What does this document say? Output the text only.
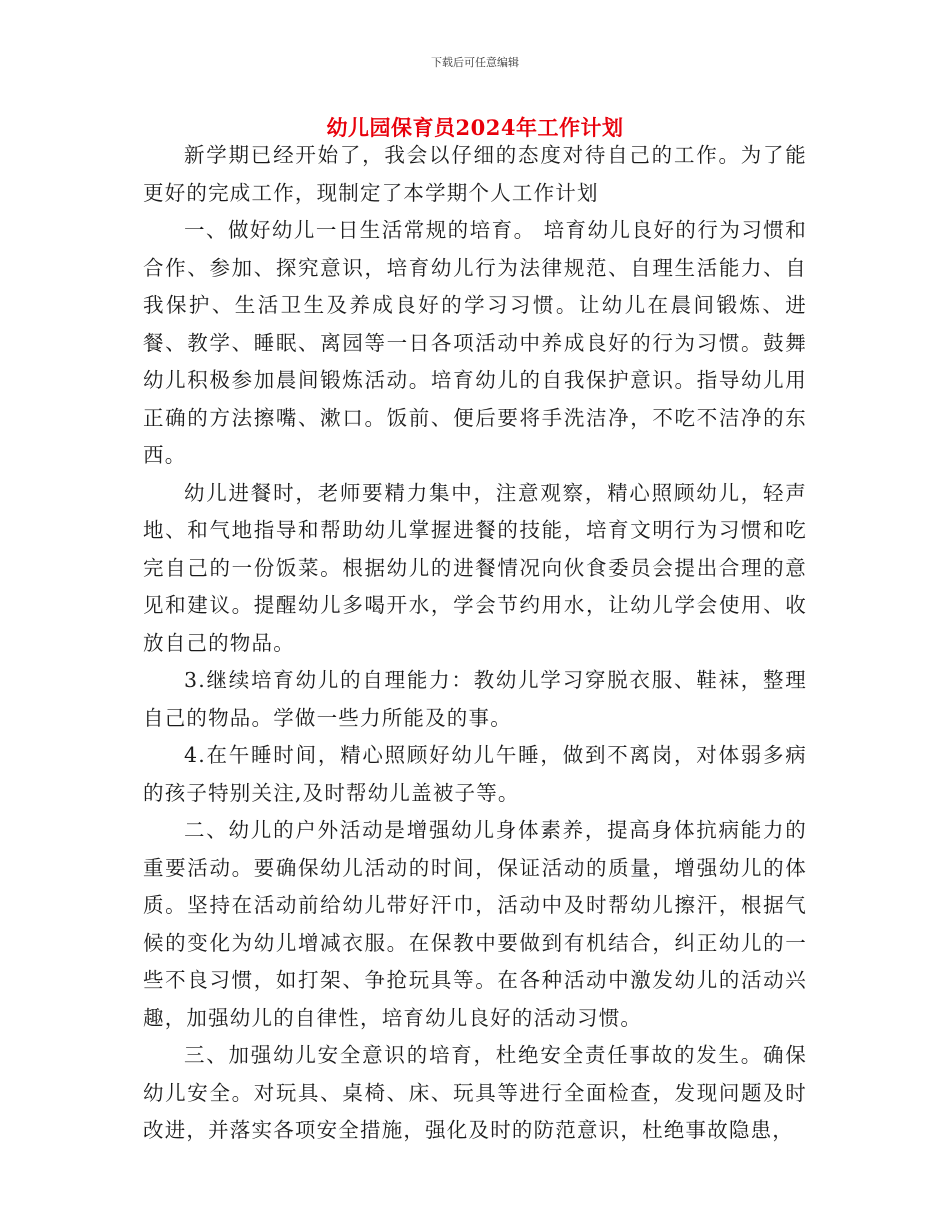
下载后可任意编辑
幼儿园保育员2024年工作计划

新学期已经开始了，我会以仔细的态度对待自己的工作。为了能更好的完成工作，现制定了本学期个人工作计划

一、做好幼儿一日生活常规的培育。 培育幼儿良好的行为习惯和合作、参加、探究意识，培育幼儿行为法律规范、自理生活能力、自我保护、生活卫生及养成良好的学习习惯。让幼儿在晨间锻炼、进餐、教学、睡眠、离园等一日各项活动中养成良好的行为习惯。鼓舞幼儿积极参加晨间锻炼活动。培育幼儿的自我保护意识。指导幼儿用正确的方法擦嘴、漱口。饭前、便后要将手洗洁净，不吃不洁净的东西。

幼儿进餐时，老师要精力集中，注意观察，精心照顾幼儿，轻声地、和气地指导和帮助幼儿掌握进餐的技能，培育文明行为习惯和吃完自己的一份饭菜。根据幼儿的进餐情况向伙食委员会提出合理的意见和建议。提醒幼儿多喝开水，学会节约用水，让幼儿学会使用、收放自己的物品。

3.继续培育幼儿的自理能力：教幼儿学习穿脱衣服、鞋袜，整理自己的物品。学做一些力所能及的事。

4.在午睡时间，精心照顾好幼儿午睡，做到不离岗，对体弱多病的孩子特别关注,及时帮幼儿盖被子等。

二、幼儿的户外活动是增强幼儿身体素养，提高身体抗病能力的重要活动。要确保幼儿活动的时间，保证活动的质量，增强幼儿的体质。坚持在活动前给幼儿带好汗巾，活动中及时帮幼儿擦汗，根据气候的变化为幼儿增减衣服。在保教中要做到有机结合，纠正幼儿的一些不良习惯，如打架、争抢玩具等。在各种活动中激发幼儿的活动兴趣，加强幼儿的自律性，培育幼儿良好的活动习惯。

三、加强幼儿安全意识的培育，杜绝安全责任事故的发生。确保幼儿安全。对玩具、桌椅、床、玩具等进行全面检查，发现问题及时改进，并落实各项安全措施，强化及时的防范意识，杜绝事故隐患，
